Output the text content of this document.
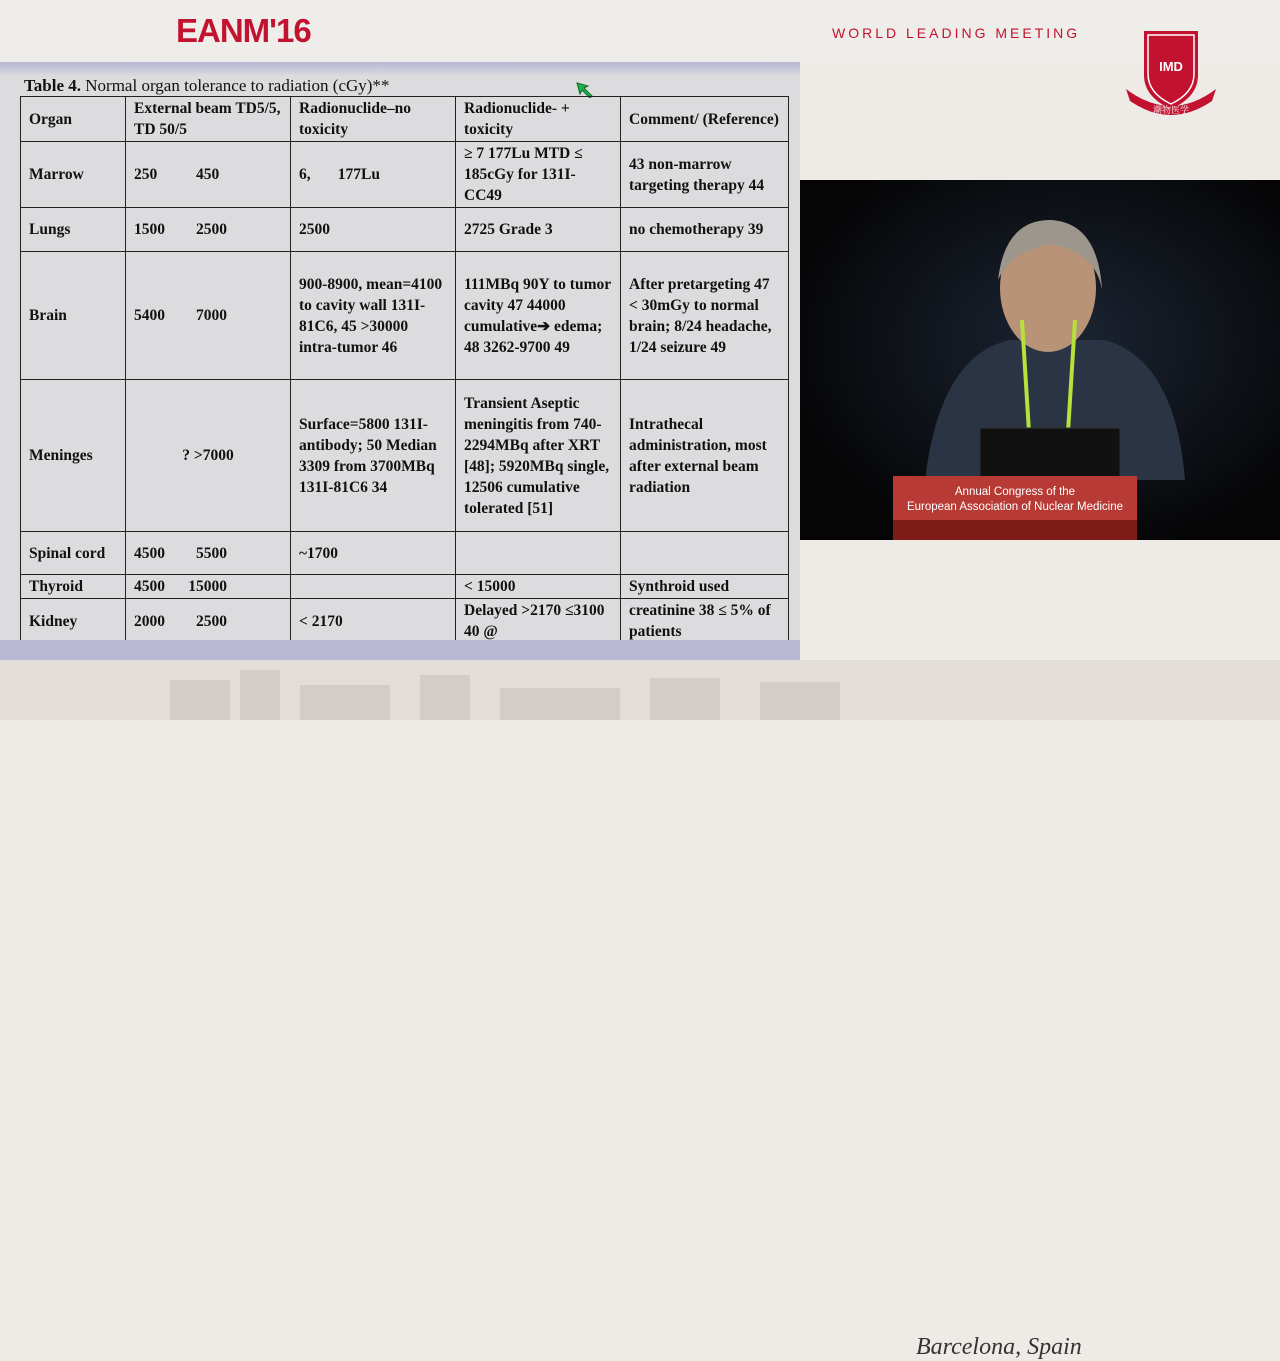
EANM'16	WORLD LEADING MEETING
IMD
潮物医学
Table 4. Normal organ tolerance to radiation (cGy)**
Organ	External beam TD5/5, TD 50/5	Radionuclide–no toxicity	Radionuclide- + toxicity	Comment/ (Reference)
Marrow	250          450	6,       177Lu	≥ 7 177Lu MTD ≤ 185cGy for 131I-CC49	43 non-marrow targeting therapy 44
Lungs	1500        2500	2500	2725 Grade 3	no chemotherapy 39
Brain	5400        7000	900-8900, mean=4100 to cavity wall 131I-81C6, 45 >30000 intra-tumor 46	111MBq 90Y to tumor cavity 47 44000 cumulative➔ edema; 48 3262-9700 49	After pretargeting 47 < 30mGy to normal brain; 8/24 headache, 1/24 seizure 49
Meninges	? >7000	Surface=5800 131I-antibody; 50 Median 3309 from 3700MBq 131I-81C6 34	Transient Aseptic meningitis from 740-2294MBq after XRT [48]; 5920MBq single, 12506 cumulative tolerated [51]	Intrathecal administration, most after external beam radiation
Spinal cord	4500        5500	~1700		
Thyroid	4500      15000		< 15000	Synthroid used
Kidney	2000        2500	< 2170	Delayed >2170 ≤3100 40 @	creatinine 38 ≤ 5% of patients
Barcelona, Spain
Annual Congress of the
European Association of Nuclear Medicine
